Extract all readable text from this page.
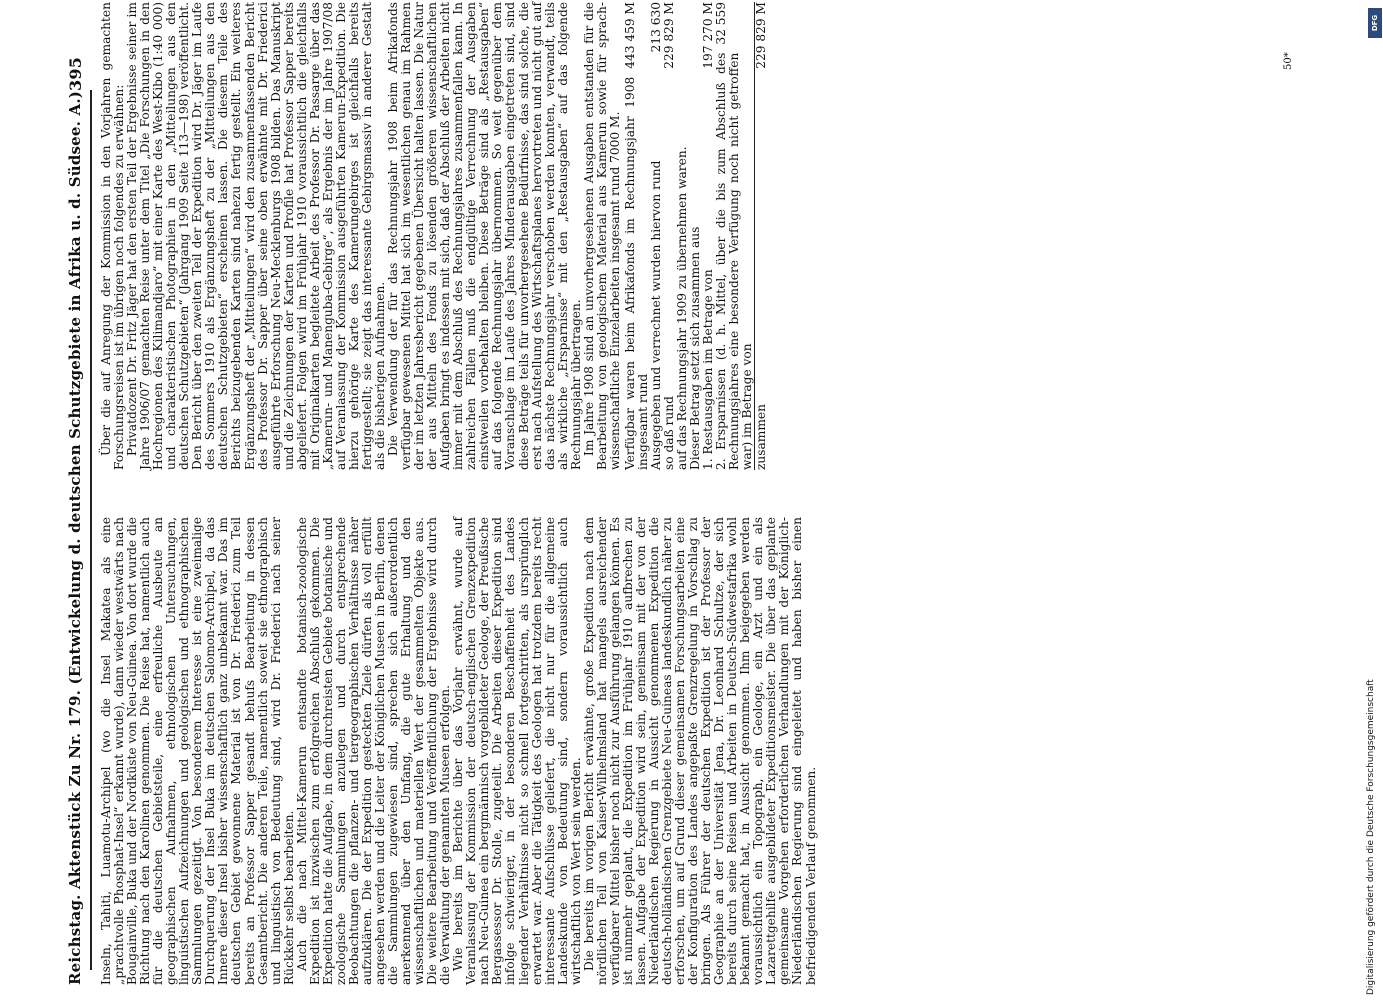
Reichstag. Aktenstück Zu Nr. 179. (Entwickelung d. deutschen Schutzgebiete in Afrika u. d. Südsee. A.)
395

Inseln, Tahiti, Luamotu-Archipel (wo die Insel Makatea als eine „prachtvolle Phosphat-Insel“ erkannt wurde), dann wieder westwärts nach Bougainville, Buka und der Nordküste von Neu-Guinea. Von dort wurde die Richtung nach den Karolinen genommen. Die Reise hat, namentlich auch für die deutschen Gebietsteile, eine erfreuliche Ausbeute an geographischen Aufnahmen, ethnologischen Untersuchungen, linguistischen Aufzeichnungen und geologischen und ethnographischen Sammlungen gezeitigt. Von besonderem Interesse ist eine zweimalige Durchquerung der Insel Buka im deutschen Salomon-Archipel, da das Innere dieser Insel bisher wissenschaftlich ganz unbekannt war. Das im deutschen Gebiet gewonnene Material ist von Dr. Friederici zum Teil bereits an Professor Sapper gesandt behufs Bearbeitung in dessen Gesamtbericht. Die anderen Teile, namentlich soweit sie ethnographisch und linguistisch von Bedeutung sind, wird Dr. Friederici nach seiner Rückkehr selbst bearbeiten. Auch die nach Mittel-Kamerun entsandte botanisch-zoologische Expedition ist inzwischen zum erfolgreichen Abschluß gekommen. Die Expedition hatte die Aufgabe, in dem durchreisten Gebiete botanische und zoologische Sammlungen anzulegen und durch entsprechende Beobachtungen die pflanzen- und tiergeographischen Verhältnisse näher aufzuklären. Die der Expedition gesteckten Ziele dürfen als voll erfüllt angesehen werden und die Leiter der Königlichen Museen in Berlin, denen die Sammlungen zugewiesen sind, sprechen sich außerordentlich anerkennend über den Umfang, die gute Erhaltung und den wissenschaftlichen und materiellen Wert der gesammelten Objekte aus. Die weitere Bearbeitung und Veröffentlichung der Ergebnisse wird durch die Verwaltung der genannten Museen erfolgen. Wie bereits im Berichte über das Vorjahr erwähnt, wurde auf Veranlassung der Kommission der deutsch-englischen Grenzexpedition nach Neu-Guinea ein bergmännisch vorgebildeter Geologe, der Preußische Bergassessor Dr. Stolle, zugeteilt. Die Arbeiten dieser Expedition sind infolge schwieriger, in der besonderen Beschaffenheit des Landes liegender Verhältnisse nicht so schnell fortgeschritten, als ursprünglich erwartet war. Aber die Tätigkeit des Geologen hat trotzdem bereits recht interessante Aufschlüsse geliefert, die nicht nur für die allgemeine Landeskunde von Bedeutung sind, sondern voraussichtlich auch wirtschaftlich von Wert sein werden. Die bereits im vorigen Bericht erwähnte, große Expedition nach dem nördlichen Teil von Kaiser-Wilhelmsland hat mangels ausreichender verfügbarer Mittel bisher noch nicht zur Ausführung gelangen können. Es ist nunmehr geplant, die Expedition im Frühjahr 1910 aufbrechen zu lassen. Aufgabe der Expedition wird sein, gemeinsam mit der von der Niederländischen Regierung in Aussicht genommenen Expedition die deutsch-holländischen Grenzgebiete Neu-Guineas landeskundlich näher zu erforschen, um auf Grund dieser gemeinsamen Forschungsarbeiten eine der Konfiguration des Landes angepaßte Grenzregelung in Vorschlag zu bringen. Als Führer der deutschen Expedition ist der Professor der Geographie an der Universität Jena, Dr. Leonhard Schultze, der sich bereits durch seine Reisen und Arbeiten in Deutsch-Südwestafrika wohl bekannt gemacht hat, in Aussicht genommen. Ihm beigegeben werden voraussichtlich ein Topograph, ein Geologe, ein Arzt und ein als Lazarettgehilfe ausgebildeter Expeditionsmeister. Die über das geplante gemeinsame Vorgehen erforderlichen Verhandlungen mit der Königlich-Niederländischen Regierung sind eingeleitet und haben bisher einen befriedigenden Verlauf genommen.

Über die auf Anregung der Kommission in den Vorjahren gemachten Forschungsreisen ist im übrigen noch folgendes zu erwähnen: Privatdozent Dr. Fritz Jäger hat den ersten Teil der Ergebnisse seiner im Jahre 1906/07 gemachten Reise unter dem Titel „Die Forschungen in den Hochregionen des Kilimandjaro“ mit einer Karte des West-Kibo (1:40 000) und charakteristischen Photographien in den „Mitteilungen aus den deutschen Schutzgebieten“ (Jahrgang 1909 Seite 113—198) veröffentlicht. Den Bericht über den zweiten Teil der Expedition wird Dr. Jäger im Laufe des Sommers 1910 als Ergänzungsheft zu der „Mitteilungen aus den deutschen Schutzgebieten“ erscheinen lassen. Die diesem Teile des Berichts beizugebenden Karten sind nahezu fertig gestellt. Ein weiteres Ergänzungsheft der „Mitteilungen“ wird den zusammenfassenden Bericht des Professor Dr. Sapper über seine oben erwähnte mit Dr. Friederici ausgeführte Erforschung Neu-Mecklenburgs 1908 bilden. Das Manuskript und die Zeichnungen der Karten und Profile hat Professor Sapper bereits abgeliefert. Folgen wird im Frühjahr 1910 voraussichtlich die gleichfalls mit Originalkarten begleitete Arbeit des Professor Dr. Passarge über das „Kamerun- und Manenguba-Gebirge“, als Ergebnis der im Jahre 1907/08 auf Veranlassung der Kommission ausgeführten Kamerun-Expedition. Die hierzu gehörige Karte des Kamerungebirges ist gleichfalls bereits fertiggestellt; sie zeigt das interessante Gebirgsmassiv in anderer Gestalt als die bisherigen Aufnahmen. Die Verwendung der für das Rechnungsjahr 1908 beim Afrikafonds verfügbar gewesenen Mittel hat sich im wesentlichen genau im Rahmen der im letzten Jahresbericht gegebenen Übersicht halten lassen. Die Natur der aus Mitteln des Fonds zu lösenden größeren wissenschaftlichen Aufgaben bringt es indessen mit sich, daß der Abschluß der Arbeiten nicht immer mit dem Abschluß des Rechnungsjahres zusammenfallen kann. In zahlreichen Fällen muß die endgültige Verrechnung der Ausgaben einstweilen vorbehalten bleiben. Diese Beträge sind als „Restausgaben“ auf das folgende Rechnungsjahr übernommen. So weit gegenüber dem Voranschlage im Laufe des Jahres Minderausgaben eingetreten sind, sind diese Beträge teils für unvorhergesehene Bedürfnisse, das sind solche, die erst nach Aufstellung des Wirtschaftsplanes hervortreten und nicht gut auf das nächste Rechnungsjahr verschoben werden konnten, verwandt, teils als wirkliche „Ersparnisse“ mit den „Restausgaben“ auf das folgende Rechnungsjahr übertragen. Im Jahre 1908 sind an unvorhergesehenen Ausgaben entstanden für die Bearbeitung von geologischem Material aus Kamerun sowie für sprach-wissenschaftliche Einzelarbeiten insgesamt rund 7000 M. Verfügbar waren beim Afrikafonds im Rechnungsjahr 1908 insgesamt rund
443 459 M
Ausgegeben und verrechnet wurden hiervon rund
213 630
so daß rund
229 829 M
auf das Rechnungsjahr 1909 zu übernehmen waren. Dieser Betrag setzt sich zusammen aus 1. Restausgaben im Betrage von
197 270 M
2. Ersparnissen (d. h. Mittel, über die bis zum Abschluß des Rechnungsjahres eine besondere Verfügung noch nicht getroffen war) im Betrage von
32 559
zusammen
229 829 M	50*
DFG
Digitalisierung gefördert durch die Deutsche Forschungsgemeinschaft
